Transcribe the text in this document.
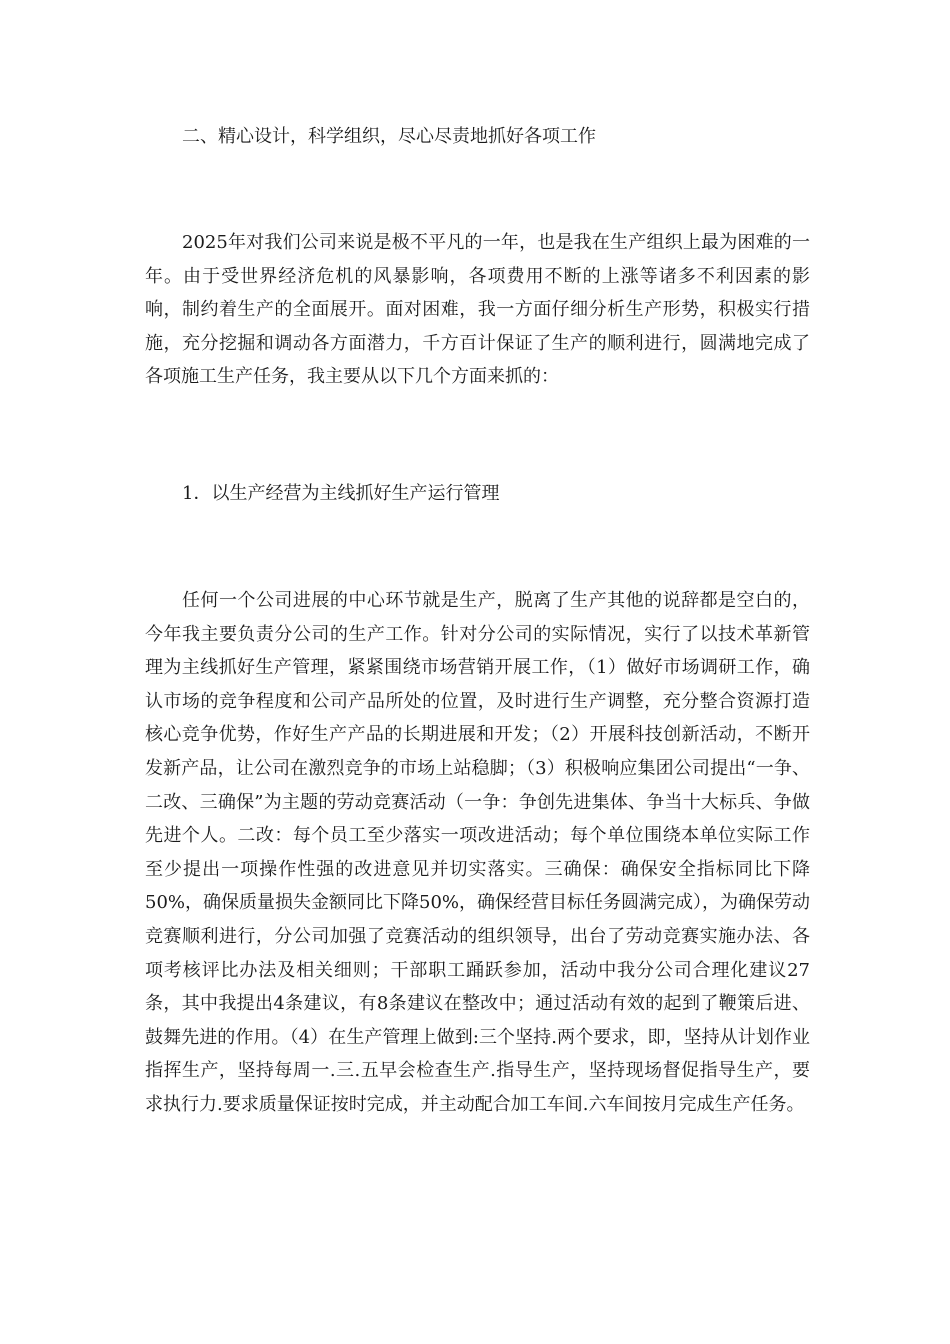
二、精心设计，科学组织，尽心尽责地抓好各项工作
2025年对我们公司来说是极不平凡的一年，也是我在生产组织上最为困难的一年。由于受世界经济危机的风暴影响，各项费用不断的上涨等诸多不利因素的影响，制约着生产的全面展开。面对困难，我一方面仔细分析生产形势，积极实行措施，充分挖掘和调动各方面潜力，千方百计保证了生产的顺利进行，圆满地完成了各项施工生产任务，我主要从以下几个方面来抓的：
1．以生产经营为主线抓好生产运行管理
任何一个公司进展的中心环节就是生产，脱离了生产其他的说辞都是空白的，今年我主要负责分公司的生产工作。针对分公司的实际情况，实行了以技术革新管理为主线抓好生产管理，紧紧围绕市场营销开展工作，（1）做好市场调研工作，确认市场的竞争程度和公司产品所处的位置，及时进行生产调整，充分整合资源打造核心竞争优势，作好生产产品的长期进展和开发；（2）开展科技创新活动，不断开发新产品，让公司在激烈竞争的市场上站稳脚；（3）积极响应集团公司提出“一争、二改、三确保”为主题的劳动竞赛活动（一争：争创先进集体、争当十大标兵、争做先进个人。二改：每个员工至少落实一项改进活动；每个单位围绕本单位实际工作至少提出一项操作性强的改进意见并切实落实。三确保：确保安全指标同比下降50%，确保质量损失金额同比下降50%，确保经营目标任务圆满完成），为确保劳动竞赛顺利进行，分公司加强了竞赛活动的组织领导，出台了劳动竞赛实施办法、各项考核评比办法及相关细则；干部职工踊跃参加，活动中我分公司合理化建议27条，其中我提出4条建议，有8条建议在整改中；通过活动有效的起到了鞭策后进、鼓舞先进的作用。（4）在生产管理上做到:三个坚持.两个要求，即，坚持从计划作业指挥生产，坚持每周一.三.五早会检查生产.指导生产，坚持现场督促指导生产，要求执行力.要求质量保证按时完成，并主动配合加工车间.六车间按月完成生产任务。
